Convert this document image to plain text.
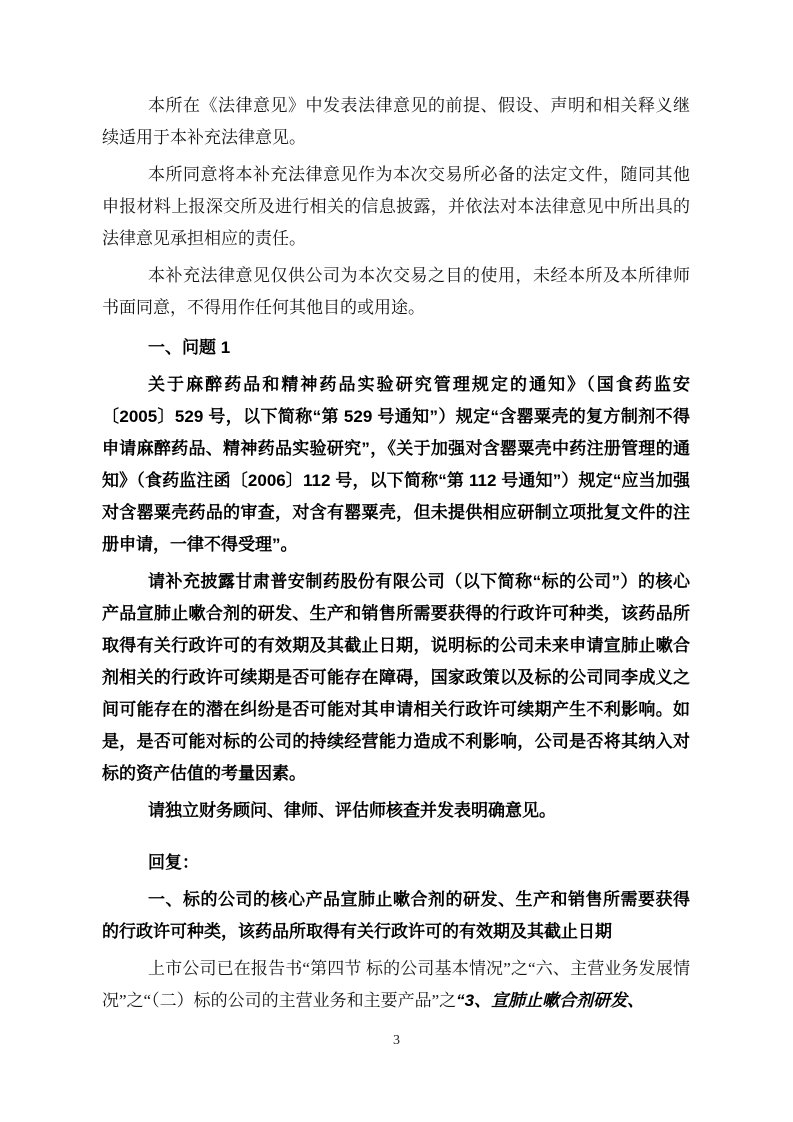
本所在《法律意见》中发表法律意见的前提、假设、声明和相关释义继续适用于本补充法律意见。

本所同意将本补充法律意见作为本次交易所必备的法定文件，随同其他申报材料上报深交所及进行相关的信息披露，并依法对本法律意见中所出具的法律意见承担相应的责任。

本补充法律意见仅供公司为本次交易之目的使用，未经本所及本所律师书面同意，不得用作任何其他目的或用途。

一、问题 1

关于麻醉药品和精神药品实验研究管理规定的通知》（国食药监安〔2005〕529 号，以下简称“第 529 号通知”）规定“含罂粟壳的复方制剂不得申请麻醉药品、精神药品实验研究”，《关于加强对含罂粟壳中药注册管理的通知》（食药监注函〔2006〕112 号，以下简称“第 112 号通知”）规定“应当加强对含罂粟壳药品的审查，对含有罂粟壳，但未提供相应研制立项批复文件的注册申请，一律不得受理”。

请补充披露甘肃普安制药股份有限公司（以下简称“标的公司”）的核心产品宣肺止嗽合剂的研发、生产和销售所需要获得的行政许可种类，该药品所取得有关行政许可的有效期及其截止日期，说明标的公司未来申请宣肺止嗽合剂相关的行政许可续期是否可能存在障碍，国家政策以及标的公司同李成义之间可能存在的潜在纠纷是否可能对其申请相关行政许可续期产生不利影响。如是，是否可能对标的公司的持续经营能力造成不利影响，公司是否将其纳入对标的资产估值的考量因素。

请独立财务顾问、律师、评估师核查并发表明确意见。

回复：

一、标的公司的核心产品宣肺止嗽合剂的研发、生产和销售所需要获得的行政许可种类，该药品所取得有关行政许可的有效期及其截止日期

上市公司已在报告书“第四节 标的公司基本情况”之“六、主营业务发展情况”之“（二）标的公司的主营业务和主要产品”之“3、宣肺止嗽合剂研发、

3
